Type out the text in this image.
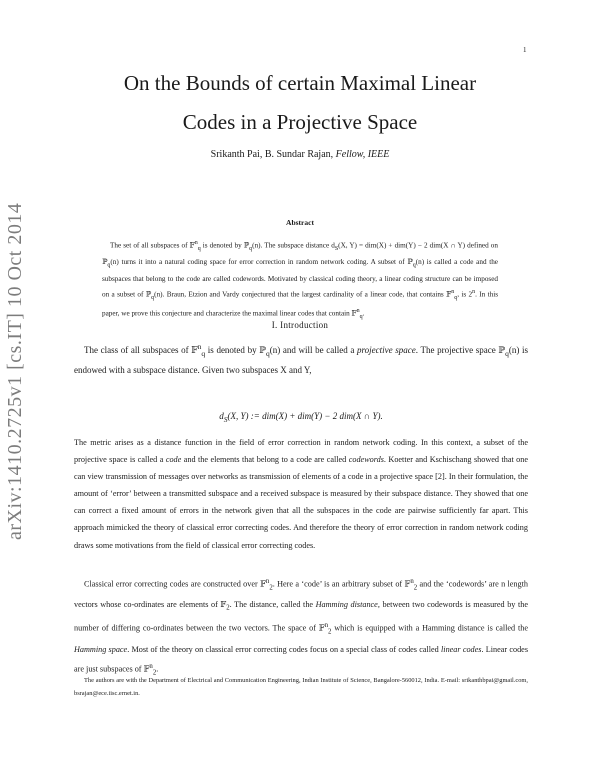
1
arXiv:1410.2725v1 [cs.IT] 10 Oct 2014
On the Bounds of certain Maximal Linear
Codes in a Projective Space
Srikanth Pai, B. Sundar Rajan, Fellow, IEEE
Abstract
The set of all subspaces of 𝔽$^n_q$ is denoted by ℙ$_q$(n). The subspace distance $d_S(X$, Y) = dim(X) + dim(Y) − 2 dim(X ∩ Y) defined on ℙ$_q$(n) turns it into a natural coding space for error correction in random network coding. A subset of ℙ$_q$(n) is called a code and the subspaces that belong to the code are called codewords. Motivated by classical coding theory, a linear coding structure can be imposed on a subset of ℙ$_q$(n). Braun, Etzion and Vardy conjectured that the largest cardinality of a linear code, that contains 𝔽$^n_q$, is 2$^n$. In this paper, we prove this conjecture and characterize the maximal linear codes that contain 𝔽$^n_q$.
I. Introduction
The class of all subspaces of 𝔽$^n_q$ is denoted by ℙ$_q$(n) and will be called a projective space. The projective space ℙ$_q$(n) is endowed with a subspace distance. Given two subspaces X and Y,
$d_S(X$, Y) := dim(X) + dim(Y) − 2 dim(X ∩ Y).
The metric arises as a distance function in the field of error correction in random network coding. In this context, a subset of the projective space is called a code and the elements that belong to a code are called codewords. Koetter and Kschischang showed that one can view transmission of messages over networks as transmission of elements of a code in a projective space [2]. In their formulation, the amount of ‘error’ between a transmitted subspace and a received subspace is measured by their subspace distance. They showed that one can correct a fixed amount of errors in the network given that all the subspaces in the code are pairwise sufficiently far apart. This approach mimicked the theory of classical error correcting codes. And therefore the theory of error correction in random network coding draws some motivations from the field of classical error correcting codes.
Classical error correcting codes are constructed over 𝔽$^n_2$. Here a ‘code’ is an arbitrary subset of 𝔽$^n_2$ and the ‘codewords’ are n length vectors whose co-ordinates are elements of 𝔽$_2$. The distance, called the Hamming distance, between two codewords is measured by the number of differing co-ordinates between the two vectors. The space of 𝔽$^n_2$ which is equipped with a Hamming distance is called the Hamming space. Most of the theory on classical error correcting codes focus on a special class of codes called linear codes. Linear codes are just subspaces of 𝔽$^n_2$.
The authors are with the Department of Electrical and Communication Engineering, Indian Institute of Science, Bangalore-560012, India. E-mail: srikanthbpai@gmail.com, bsrajan@ece.iisc.ernet.in.
